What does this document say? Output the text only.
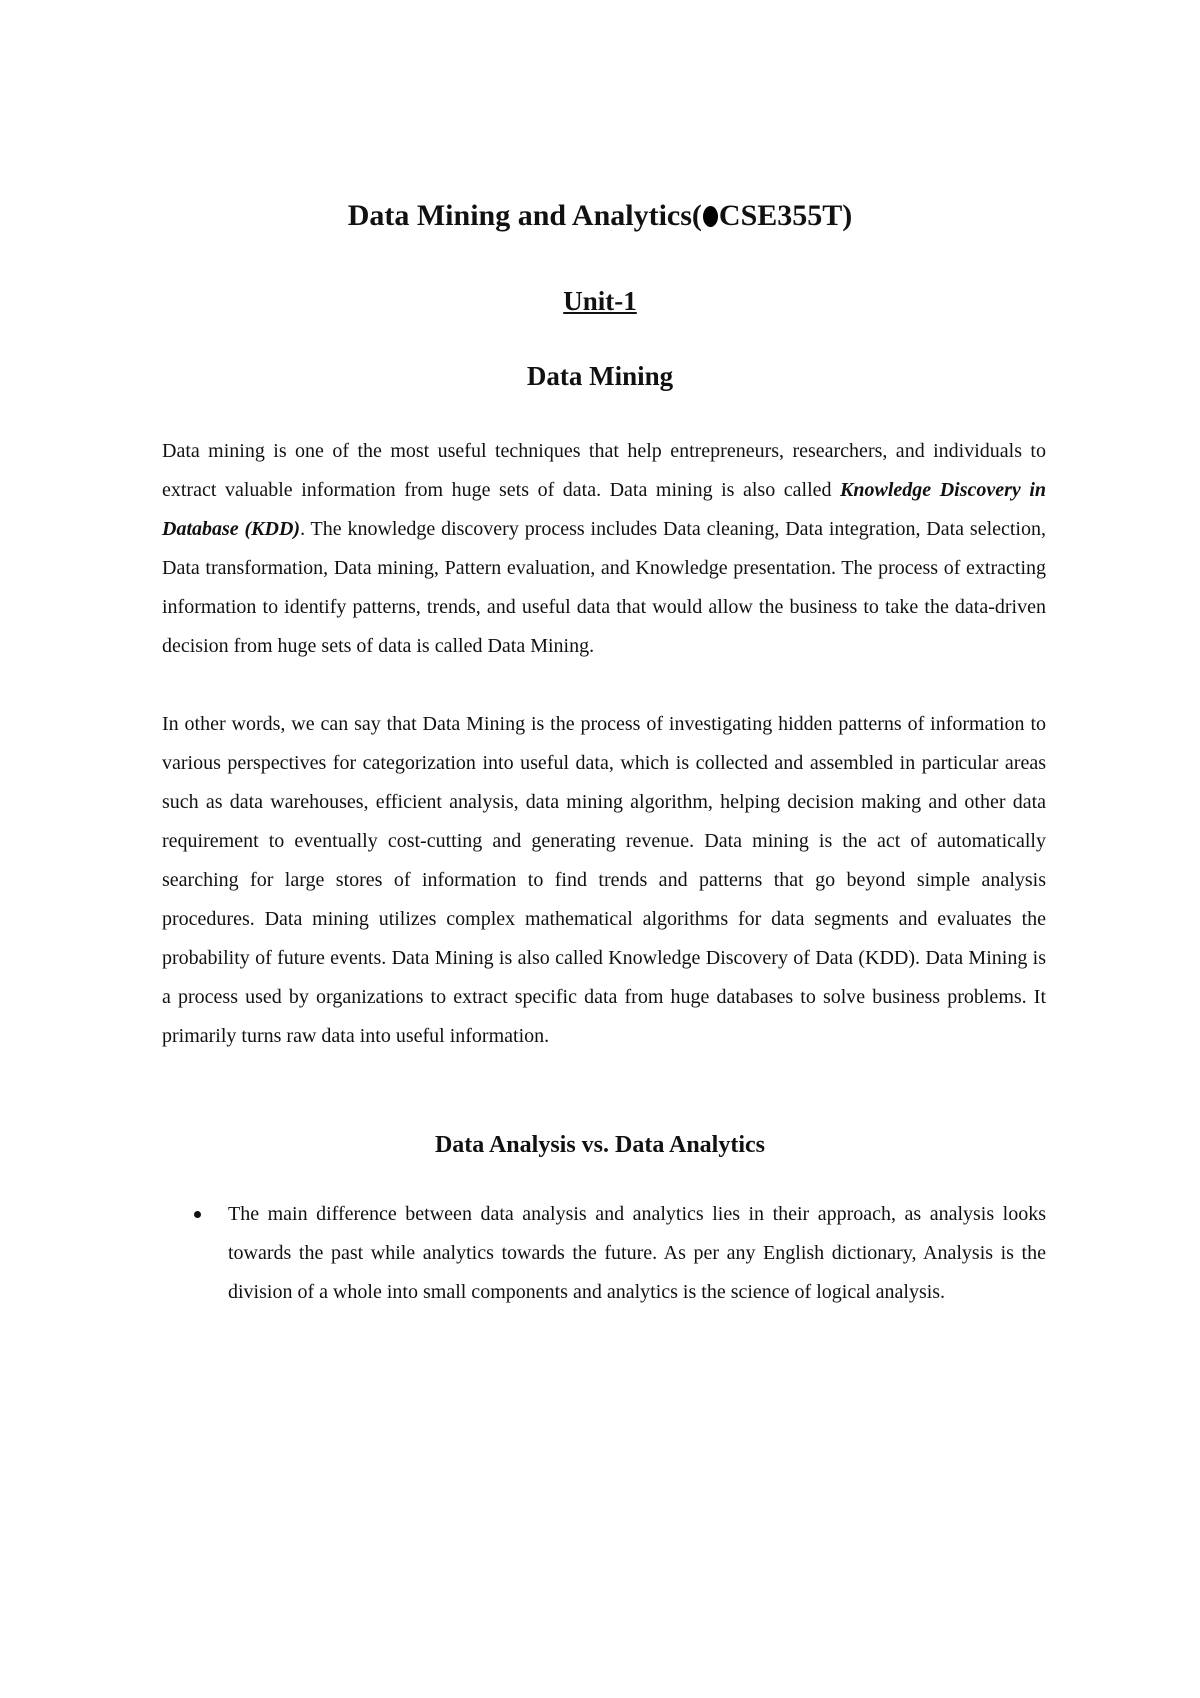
Data Mining and Analytics( CSE355T)
Unit-1
Data Mining

Data mining is one of the most useful techniques that help entrepreneurs, researchers, and individuals to extract valuable information from huge sets of data. Data mining is also called Knowledge Discovery in Database (KDD). The knowledge discovery process includes Data cleaning, Data integration, Data selection, Data transformation, Data mining, Pattern evaluation, and Knowledge presentation. The process of extracting information to identify patterns, trends, and useful data that would allow the business to take the data-driven decision from huge sets of data is called Data Mining.

In other words, we can say that Data Mining is the process of investigating hidden patterns of information to various perspectives for categorization into useful data, which is collected and assembled in particular areas such as data warehouses, efficient analysis, data mining algorithm, helping decision making and other data requirement to eventually cost-cutting and generating revenue. Data mining is the act of automatically searching for large stores of information to find trends and patterns that go beyond simple analysis procedures. Data mining utilizes complex mathematical algorithms for data segments and evaluates the probability of future events. Data Mining is also called Knowledge Discovery of Data (KDD). Data Mining is a process used by organizations to extract specific data from huge databases to solve business problems. It primarily turns raw data into useful information.

Data Analysis vs. Data Analytics
The main difference between data analysis and analytics lies in their approach, as analysis looks towards the past while analytics towards the future. As per any English dictionary, Analysis is the division of a whole into small components and analytics is the science of logical analysis.
